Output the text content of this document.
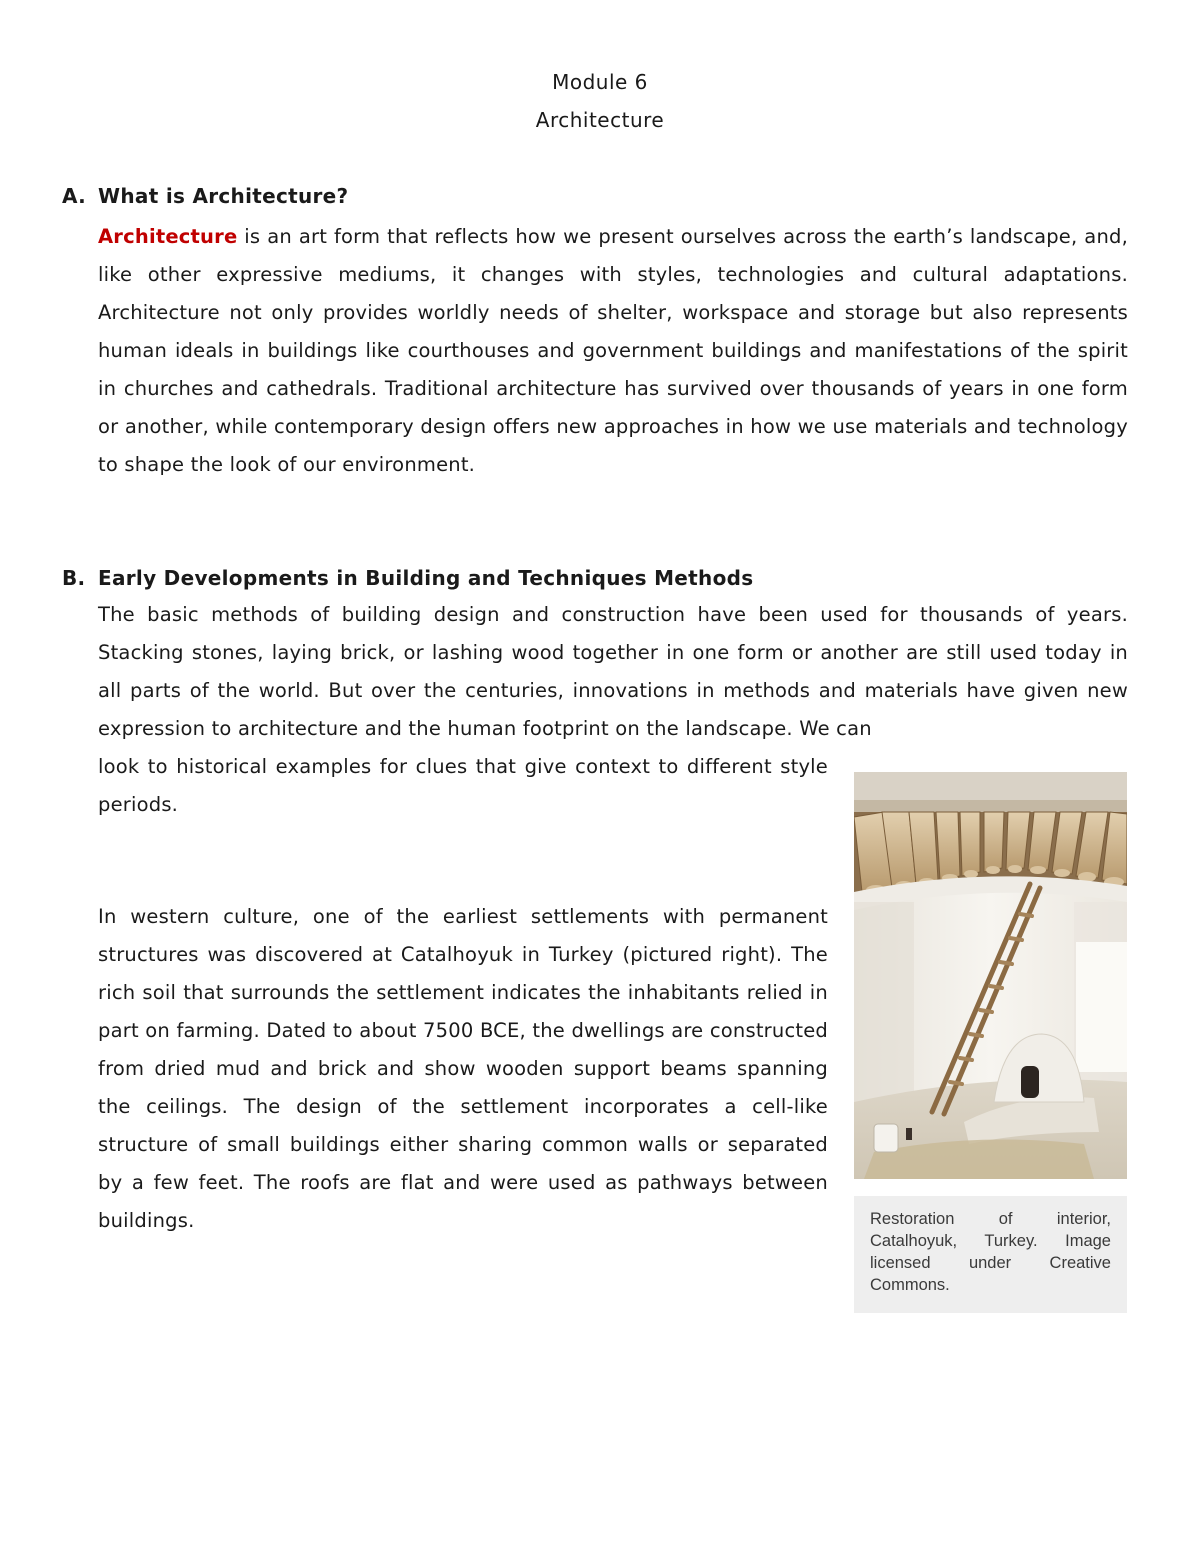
Module 6
Architecture
A. What is Architecture?
Architecture is an art form that reflects how we present ourselves across the earth’s landscape, and, like other expressive mediums, it changes with styles, technologies and cultural adaptations. Architecture not only provides worldly needs of shelter, workspace and storage but also represents human ideals in buildings like courthouses and government buildings and manifestations of the spirit in churches and cathedrals. Traditional architecture has survived over thousands of years in one form or another, while contemporary design offers new approaches in how we use materials and technology to shape the look of our environment.
B. Early Developments in Building and Techniques Methods
The basic methods of building design and construction have been used for thousands of years. Stacking stones, laying brick, or lashing wood together in one form or another are still used today in all parts of the world. But over the centuries, innovations in methods and materials have given new expression to architecture and the human footprint on the landscape. We can
look to historical examples for clues that give context to different style periods.
In western culture, one of the earliest settlements with permanent structures was discovered at Catalhoyuk in Turkey (pictured right). The rich soil that surrounds the settlement indicates the inhabitants relied in part on farming. Dated to about 7500 BCE, the dwellings are constructed from dried mud and brick and show wooden support beams spanning the ceilings. The design of the settlement incorporates a cell-like structure of small buildings either sharing common walls or separated by a few feet. The roofs are flat and were used as pathways between buildings.	Restoration of interior, Catalhoyuk, Turkey. Image licensed under Creative Commons.
